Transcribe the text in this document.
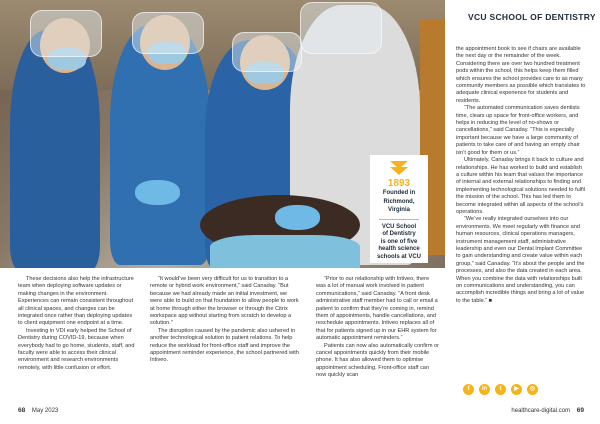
VCU SCHOOL OF DENTISTRY
1893
Founded in
Richmond,
Virginia
VCU School
of Dentistry
is one of five
health science
schools at VCU

These decisions also help the infrastructure team when deploying software updates or making changes in the environment. Experiences can remain consistent throughout all clinical spaces, and changes can be integrated once rather than deploying updates to client equipment one endpoint at a time.

Investing in VDI early helped the School of Dentistry during COVID-19, because when everybody had to go home, students, staff, and faculty were able to access their clinical environment and research environments remotely, with little confusion or effort.

“It would’ve been very difficult for us to transition to a remote or hybrid work environment,” said Canaday. “But because we had already made an initial investment, we were able to build on that foundation to allow people to work at home through either the browser or through the Citrix workspace app without starting from scratch to develop a solution.”

The disruption caused by the pandemic also ushered in another technological solution to patient relations. To help reduce the workload for front-office staff and improve the appointment reminder experience, the school partnered with Intiveo.

“Prior to our relationship with Intiveo, there was a lot of manual work involved in patient communications,” said Canaday. “A front desk administrative staff member had to call or email a patient to confirm that they’re coming in, remind them of appointments, handle cancellations, and reschedule appointments. Intiveo replaces all of that for patients signed up in our EHR system for automatic appointment reminders.”

Patients can now also automatically confirm or cancel appointments quickly from their mobile phone. It has also allowed them to optimise appointment scheduling. Front-office staff can now quickly scan

the appointment book to see if chairs are available the next day or the remainder of the week. Considering there are over two hundred treatment pods within the school, this helps keep them filled which ensures the school provides care to as many community members as possible which translates to adequate clinical experience for students and residents.

“The automated communication saves dentists time, clears up space for front-office workers, and helps in reducing the level of no-shows or cancellations,” said Canaday. “This is especially important because we have a large community of patients to take care of and having an empty chair isn’t good for them or us.”

Ultimately, Canaday brings it back to culture and relationships. He has worked to build and establish a culture within his team that values the importance of internal and external relationships to finding and implementing technological solutions needed to fulfil the mission of the school. This has led them to become integrated within all aspects of the school’s operations.

“We’ve really integrated ourselves into our environments. We meet regularly with finance and human resources, clinical operations managers, instrument management staff, administrative leadership and even our Dental Implant Committee to gain understanding and create value within each group,” said Canaday. “It’s about the people and the processes, and also the data created in each area. When you combine the data with relationships built on communications and understanding, you can accomplish incredible things and bring a lot of value to the table.” ■

f	in	t	▶	◎
68 May 2023	healthcare-digital.com 69
